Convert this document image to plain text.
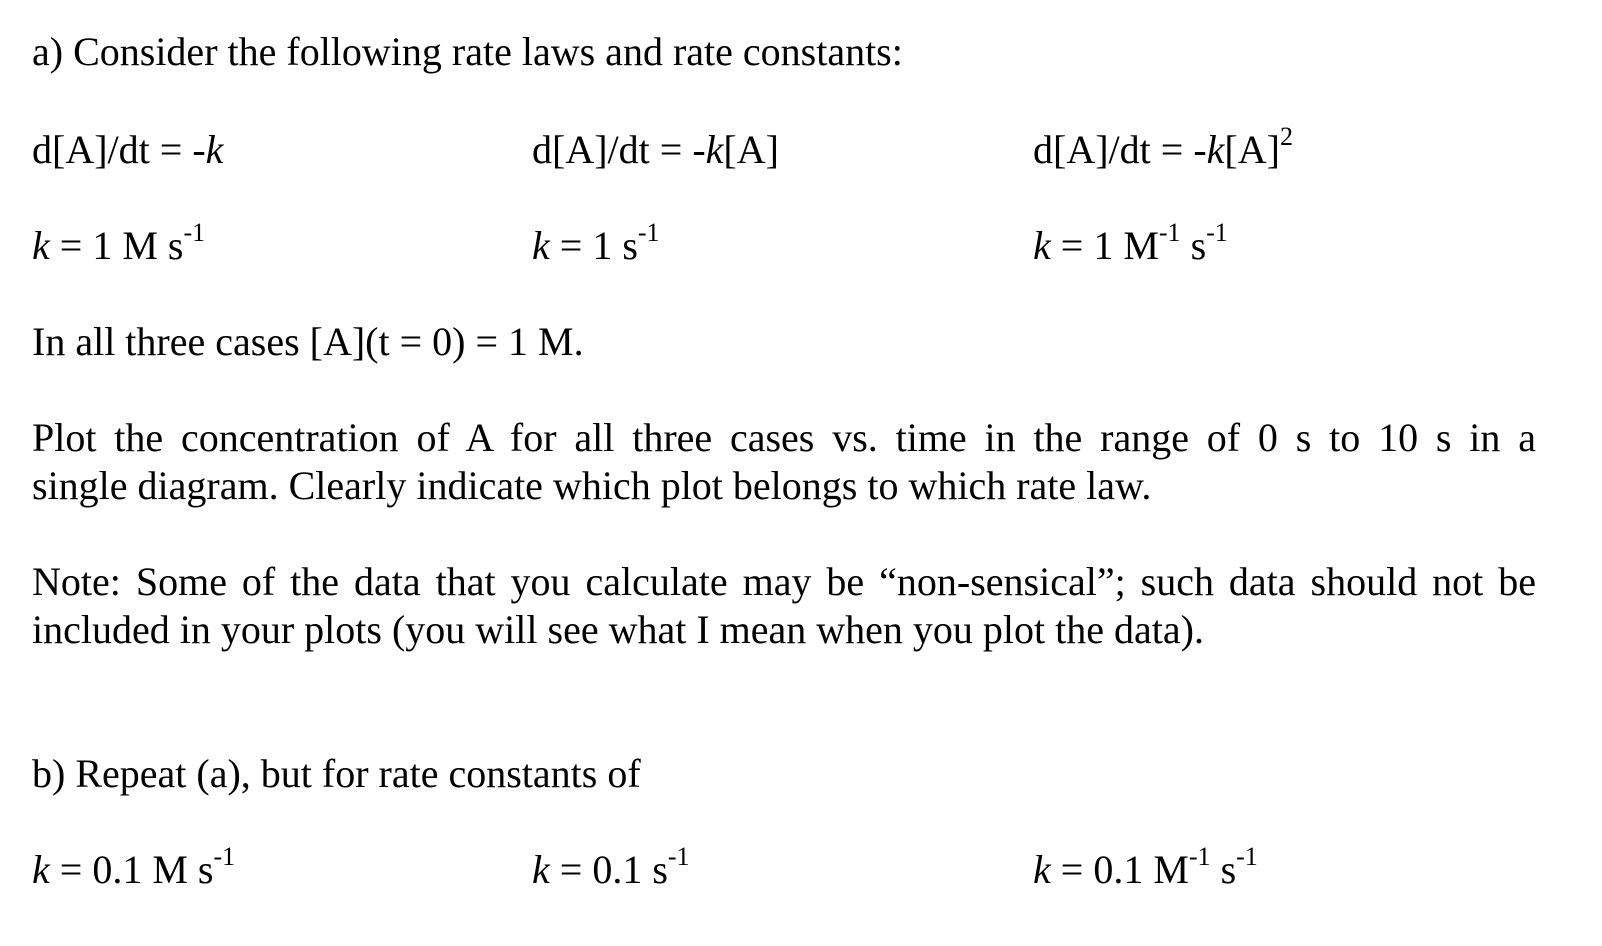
a) Consider the following rate laws and rate constants:
d[A]/dt = -k	d[A]/dt = -k[A]	$d[A]/dt = -k[A]^2$
k = 1 M $s^{-1}$	k = 1 $s^{-1}$	k = 1 $M^{-1}$ $s^{-1}$
In all three cases [A](t = 0) = 1 M.
Plot the concentration of A for all three cases vs. time in the range of 0 s to 10 s in a
single diagram. Clearly indicate which plot belongs to which rate law.
Note: Some of the data that you calculate may be “non-sensical”; such data should not be
included in your plots (you will see what I mean when you plot the data).
b) Repeat (a), but for rate constants of
k = 0.1 M $s^{-1}$	k = 0.1 $s^{-1}$	k = 0.1 $M^{-1}$ $s^{-1}$
